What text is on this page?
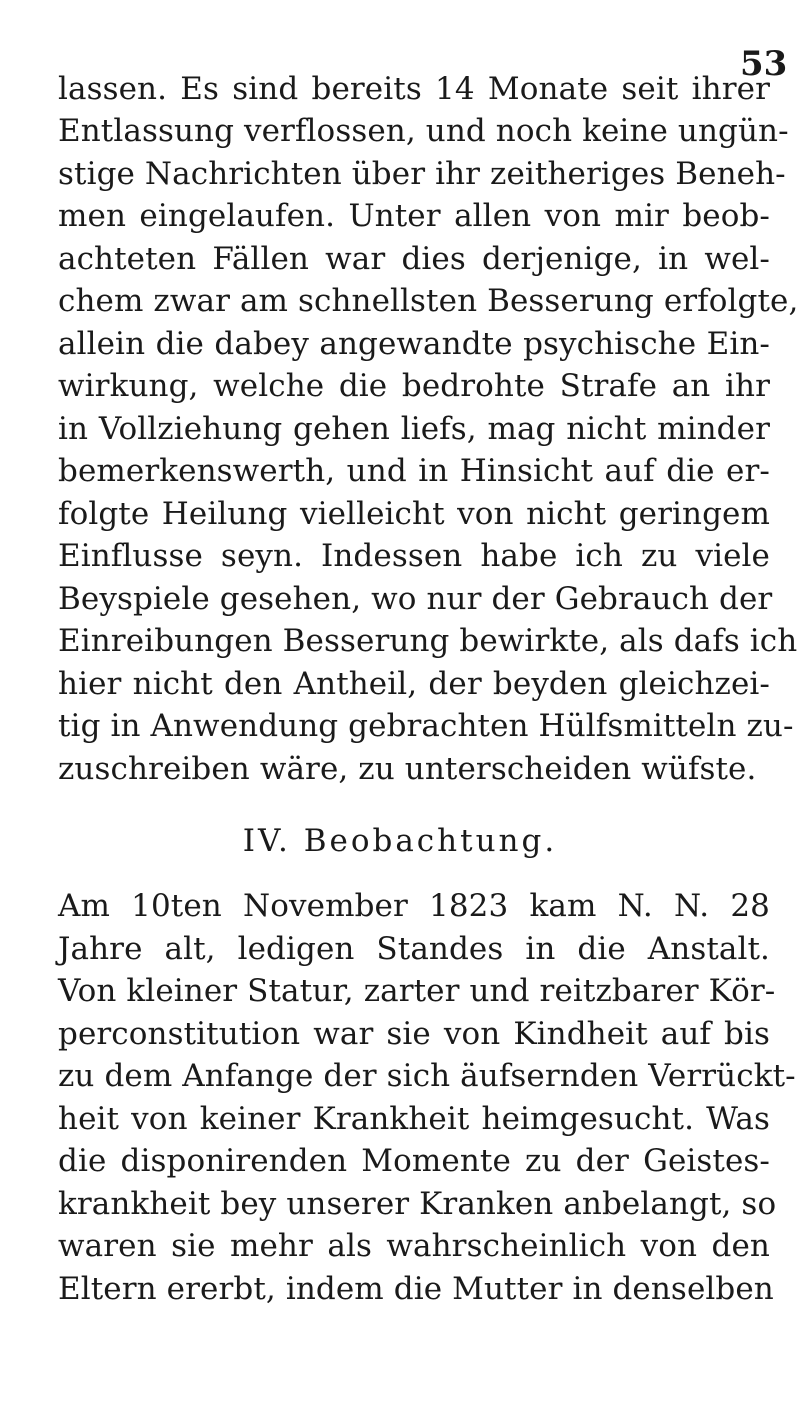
53
lassen. Es sind bereits 14 Monate seit ihrer
Entlassung verflossen, und noch keine ungün-
stige Nachrichten über ihr zeitheriges Beneh-
men eingelaufen. Unter allen von mir beob-
achteten Fällen war dies derjenige, in wel-
chem zwar am schnellsten Besserung erfolgte,
allein die dabey angewandte psychische Ein-
wirkung, welche die bedrohte Strafe an ihr
in Vollziehung gehen liefs, mag nicht minder
bemerkenswerth, und in Hinsicht auf die er-
folgte Heilung vielleicht von nicht geringem
Einflusse seyn. Indessen habe ich zu viele
Beyspiele gesehen, wo nur der Gebrauch der
Einreibungen Besserung bewirkte, als dafs ich
hier nicht den Antheil, der beyden gleichzei-
tig in Anwendung gebrachten Hülfsmitteln zu-
zuschreiben wäre, zu unterscheiden wüfste.
IV. Beobachtung.
Am 10ten November 1823 kam N. N. 28
Jahre alt, ledigen Standes in die Anstalt.
Von kleiner Statur, zarter und reitzbarer Kör-
perconstitution war sie von Kindheit auf bis
zu dem Anfange der sich äufsernden Verrückt-
heit von keiner Krankheit heimgesucht. Was
die disponirenden Momente zu der Geistes-
krankheit bey unserer Kranken anbelangt, so
waren sie mehr als wahrscheinlich von den
Eltern ererbt, indem die Mutter in denselben
